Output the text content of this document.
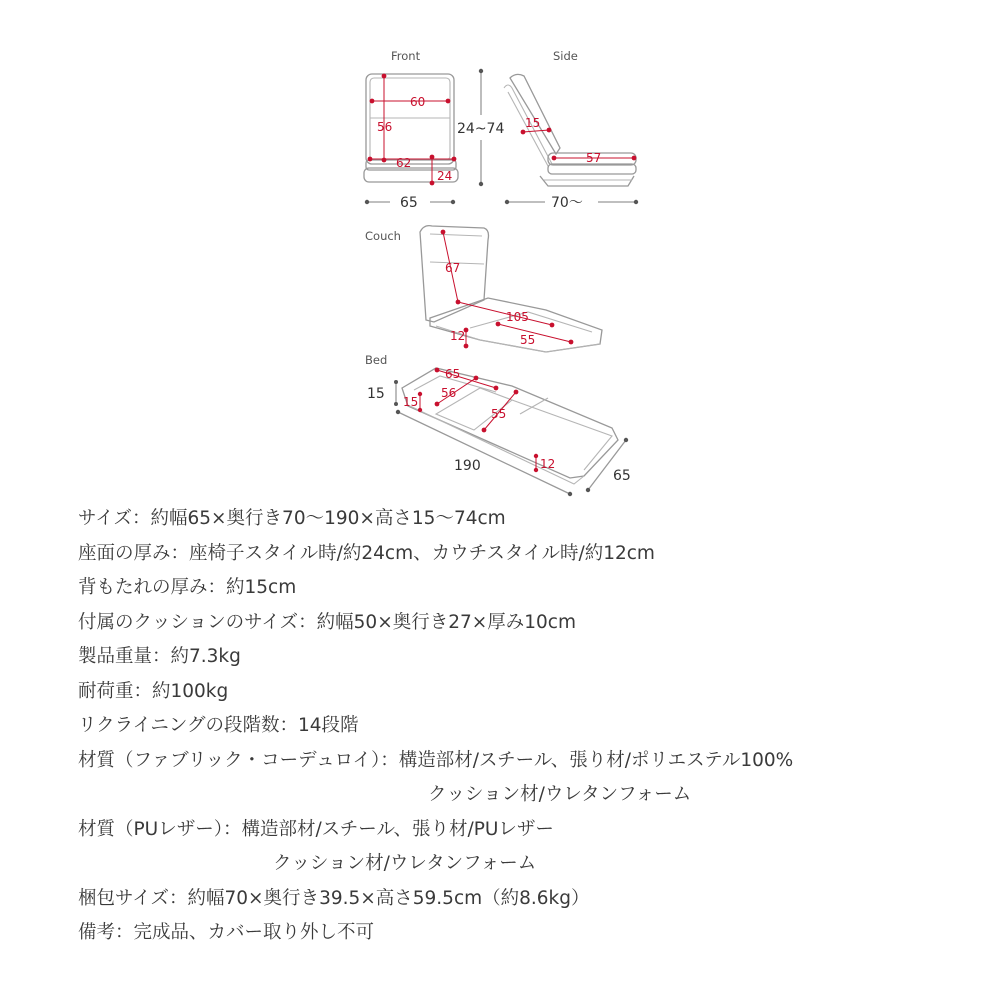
Front
60
56
62
24
65
24~74
Side
15
57
70～
Couch
67
105
55
12
Bed
15
190
65
65
56
15
55
12
サイズ：約幅65×奥行き70～190×高さ15～74cm
座面の厚み：座椅子スタイル時/約24cm、カウチスタイル時/約12cm
背もたれの厚み：約15cm
付属のクッションのサイズ：約幅50×奥行き27×厚み10cm
製品重量：約7.3kg
耐荷重：約100kg
リクライニングの段階数：14段階
材質（ファブリック・コーデュロイ）：構造部材/スチール、張り材/ポリエステル100%
クッション材/ウレタンフォーム
材質（PUレザー）：構造部材/スチール、張り材/PUレザー
クッション材/ウレタンフォーム
梱包サイズ：約幅70×奥行き39.5×高さ59.5cm（約8.6kg）
備考：完成品、カバー取り外し不可
